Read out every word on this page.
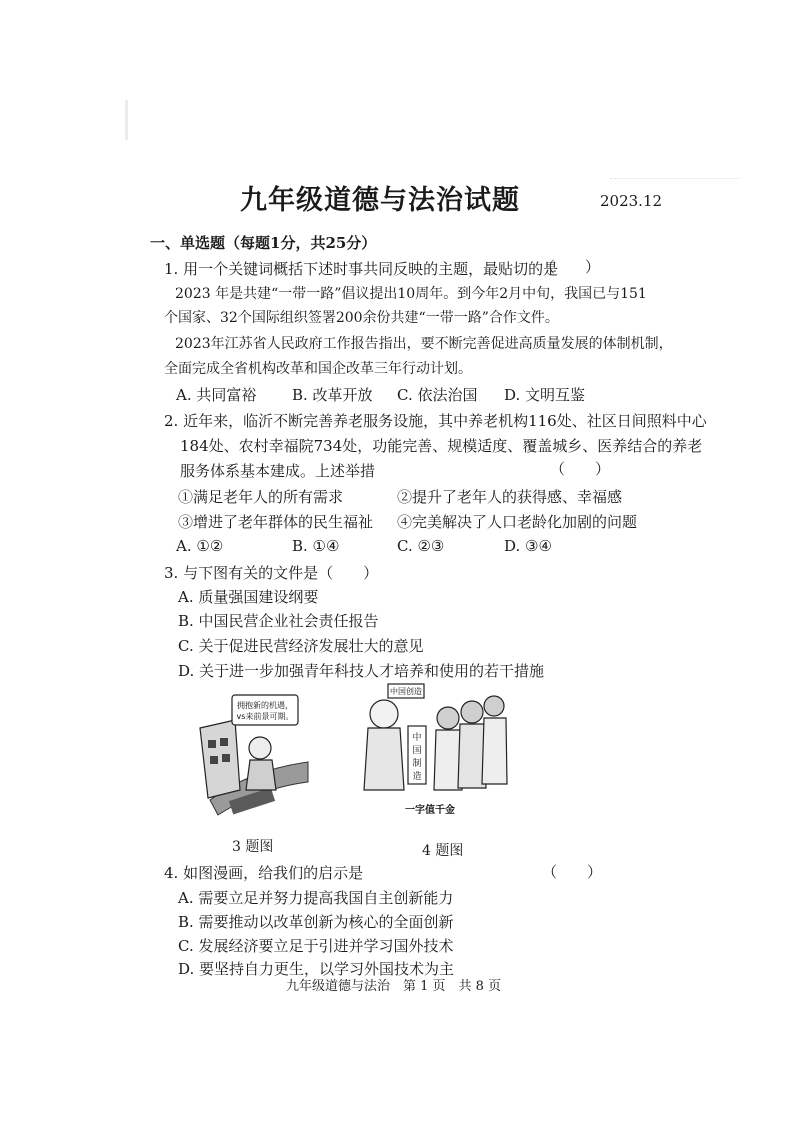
九年级道德与法治试题	2023.12
一、单选题（每题1分，共25分）
1. 用一个关键词概括下述时事共同反映的主题，最贴切的是
（　　）
2023 年是共建“一带一路”倡议提出10周年。到今年2月中旬，我国已与151
个国家、32个国际组织签署200余份共建“一带一路”合作文件。
2023年江苏省人民政府工作报告指出，要不断完善促进高质量发展的体制机制，
全面完成全省机构改革和国企改革三年行动计划。
A. 共同富裕 B. 改革开放 C. 依法治国 D. 文明互鉴
2. 近年来，临沂不断完善养老服务设施，其中养老机构116处、社区日间照料中心
184处、农村幸福院734处，功能完善、规模适度、覆盖城乡、医养结合的养老
服务体系基本建成。上述举措	（　　）
①满足老年人的所有需求	②提升了老年人的获得感、幸福感
③增进了老年群体的民生福祉 ④完美解决了人口老龄化加剧的问题
A. ①②	B. ①④	C. ②③	D. ③④
3. 与下图有关的文件是（　　）
A. 质量强国建设纲要
B. 中国民营企业社会责任报告
C. 关于促进民营经济发展壮大的意见
D. 关于进一步加强青年科技人才培养和使用的若干措施
拥抱新的机遇，
vs来前景可期。
3 题图
中国创造
中
国
制
造
一字值千金
4 题图
4. 如图漫画，给我们的启示是	（　　）
A. 需要立足并努力提高我国自主创新能力
B. 需要推动以改革创新为核心的全面创新
C. 发展经济要立足于引进并学习国外技术
D. 要坚持自力更生，以学习外国技术为主
九年级道德与法治　第 1 页　共 8 页
